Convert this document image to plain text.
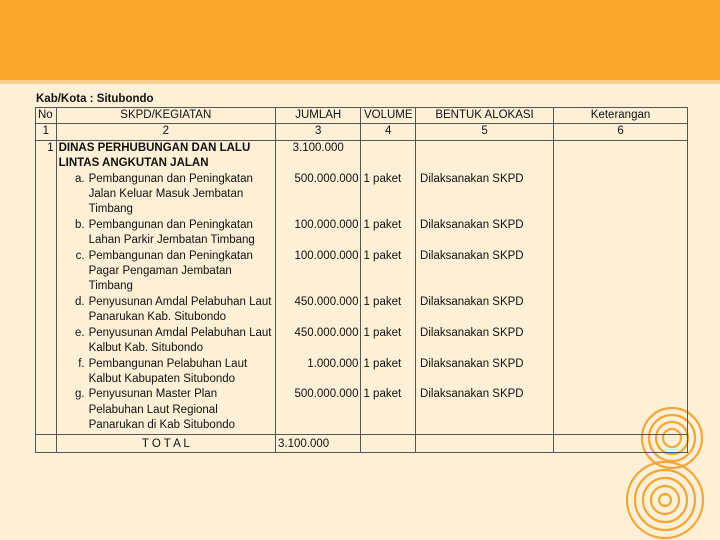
Kab/Kota : Situbondo
No	SKPD/KEGIATAN	JUMLAH	VOLUME	BENTUK ALOKASI	Keterangan
1	2	3	4	5	6
1	DINAS PERHUBUNGAN DAN LALU LINTAS ANGKUTAN JALAN	3.100.000			

	a. Pembangunan dan Peningkatan Jalan Keluar Masuk Jembatan Timbang	500.000.000	1 paket	Dilaksanakan SKPD	

	b. Pembangunan dan Peningkatan Lahan Parkir Jembatan Timbang	100.000.000	1 paket	Dilaksanakan SKPD	

	c. Pembangunan dan Peningkatan Pagar Pengaman Jembatan Timbang	100.000.000	1 paket	Dilaksanakan SKPD	

	d. Penyusunan Amdal Pelabuhan Laut Panarukan Kab. Situbondo	450.000.000	1 paket	Dilaksanakan SKPD	

	e. Penyusunan Amdal Pelabuhan Laut Kalbut Kab. Situbondo	450.000.000	1 paket	Dilaksanakan SKPD	

	f. Pembangunan Pelabuhan Laut Kalbut Kabupaten Situbondo	1.000.000	1 paket	Dilaksanakan SKPD	

	g. Penyusunan Master Plan Pelabuhan Laut Regional Panarukan di Kab Situbondo	500.000.000	1 paket	Dilaksanakan SKPD	
	T O T A L	3.100.000			
